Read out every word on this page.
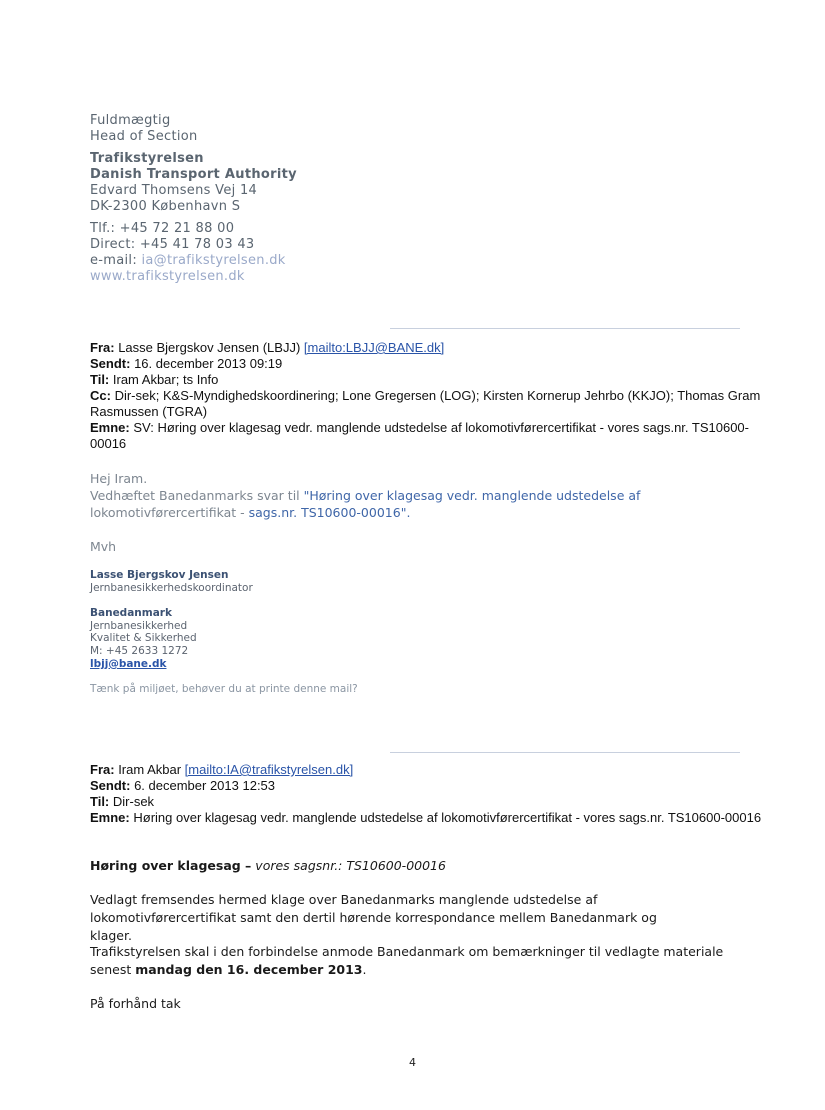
Fuldmægtig
Head of Section
Trafikstyrelsen
Danish Transport Authority
Edvard Thomsens Vej 14
DK-2300 København S
Tlf.: +45 72 21 88 00
Direct: +45 41 78 03 43
e-mail: ia@trafikstyrelsen.dk
www.trafikstyrelsen.dk
Fra: Lasse Bjergskov Jensen (LBJJ) [mailto:LBJJ@BANE.dk]
Sendt: 16. december 2013 09:19
Til: Iram Akbar; ts Info
Cc: Dir-sek; K&S-Myndighedskoordinering; Lone Gregersen (LOG); Kirsten Kornerup Jehrbo (KKJO); Thomas Gram Rasmussen (TGRA)
Emne: SV: Høring over klagesag vedr. manglende udstedelse af lokomotivførercertifikat - vores sags.nr. TS10600-00016
Hej Iram.
Vedhæftet Banedanmarks svar til "Høring over klagesag vedr. manglende udstedelse af
lokomotivførercertifikat - sags.nr. TS10600-00016".
Mvh
Lasse Bjergskov Jensen
Jernbanesikkerhedskoordinator
Banedanmark
Jernbanesikkerhed
Kvalitet & Sikkerhed
M: +45 2633 1272
lbjj@bane.dk
Tænk på miljøet, behøver du at printe denne mail?
Fra: Iram Akbar [mailto:IA@trafikstyrelsen.dk]
Sendt: 6. december 2013 12:53
Til: Dir-sek
Emne: Høring over klagesag vedr. manglende udstedelse af lokomotivførercertifikat - vores sags.nr. TS10600-00016
Høring over klagesag – vores sagsnr.: TS10600-00016
Vedlagt fremsendes hermed klage over Banedanmarks manglende udstedelse af lokomotivførercertifikat samt den dertil hørende korrespondance mellem Banedanmark og klager.
Trafikstyrelsen skal i den forbindelse anmode Banedanmark om bemærkninger til vedlagte materiale senest mandag den 16. december 2013.
På forhånd tak
4
